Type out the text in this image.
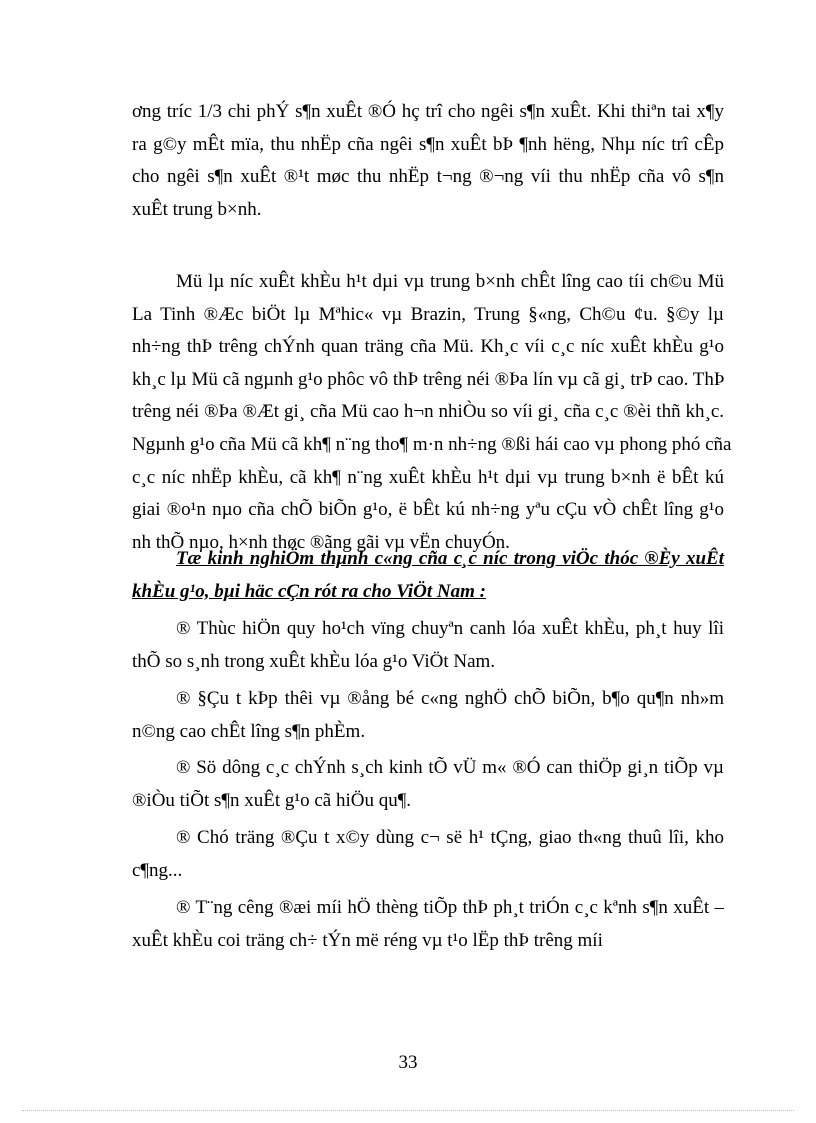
ơng tríc 1/3 chi phÝ s¶n xuÊt ®Ó hç trî cho ngêi s¶n xuÊt. Khi thiªn tai x¶y
ra g©y mÊt mïa, thu nhËp cña ngêi s¶n xuÊt bÞ ¶nh hëng, Nhµ níc trî cÊp
cho ngêi s¶n xuÊt ®¹t møc thu nhËp t¬ng ®¬ng víi thu nhËp cña vô s¶n
xuÊt trung b×nh.
Mü lµ níc xuÊt khÈu h¹t dµi vµ trung b×nh chÊt lîng cao tíi ch©u Mü
La Tinh ®Æc biÖt lµ Mªhic« vµ Brazin, Trung §«ng, Ch©u ¢u. §©y lµ
nh÷ng thÞ trêng chÝnh quan träng cña Mü. Kh¸c víi c¸c níc xuÊt khÈu g¹o
kh¸c lµ Mü cã ngµnh g¹o phôc vô thÞ trêng néi ®Þa lín vµ cã gi¸ trÞ cao. ThÞ
trêng néi ®Þa ®Æt gi¸ cña Mü cao h¬n nhiÒu so víi gi¸ cña c¸c ®èi thñ kh¸c.
Ngµnh g¹o cña Mü cã kh¶ n¨ng tho¶ m·n nh÷ng ®ßi hái cao vµ phong phó cña
c¸c níc nhËp khÈu, cã kh¶ n¨ng xuÊt khÈu h¹t dµi vµ trung b×nh ë bÊt kú
giai ®o¹n nµo cña chÕ biÕn g¹o, ë bÊt kú nh÷ng yªu cÇu vÒ chÊt lîng g¹o
nh thÕ nµo, h×nh thøc ®ãng gãi vµ vËn chuyÓn.
Tæ kinh nghiÖm thµnh c«ng cña c¸c níc trong viÖc thóc ®Èy xuÊt
khÈu g¹o, bµi häc cÇn rót ra cho ViÖt Nam :
® Thùc hiÖn quy ho¹ch vïng chuyªn canh lóa xuÊt khÈu, ph¸t huy lîi
thÕ so s¸nh trong xuÊt khÈu lóa g¹o ViÖt Nam.
® §Çu t kÞp thêi vµ ®ång bé c«ng nghÖ chÕ biÕn, b¶o qu¶n nh»m
n©ng cao chÊt lîng s¶n phÈm.
® Sö dông c¸c chÝnh s¸ch kinh tÕ vÜ m« ®Ó can thiÖp gi¸n tiÕp vµ
®iÒu tiÕt s¶n xuÊt g¹o cã hiÖu qu¶.
® Chó träng ®Çu t x©y dùng c¬ së h¹ tÇng, giao th«ng thuû lîi, kho
c¶ng...
® T¨ng cêng ®æi míi hÖ thèng tiÕp thÞ ph¸t triÓn c¸c kªnh s¶n xuÊt –
xuÊt khÈu coi träng ch÷ tÝn më réng vµ t¹o lËp thÞ trêng míi
33
